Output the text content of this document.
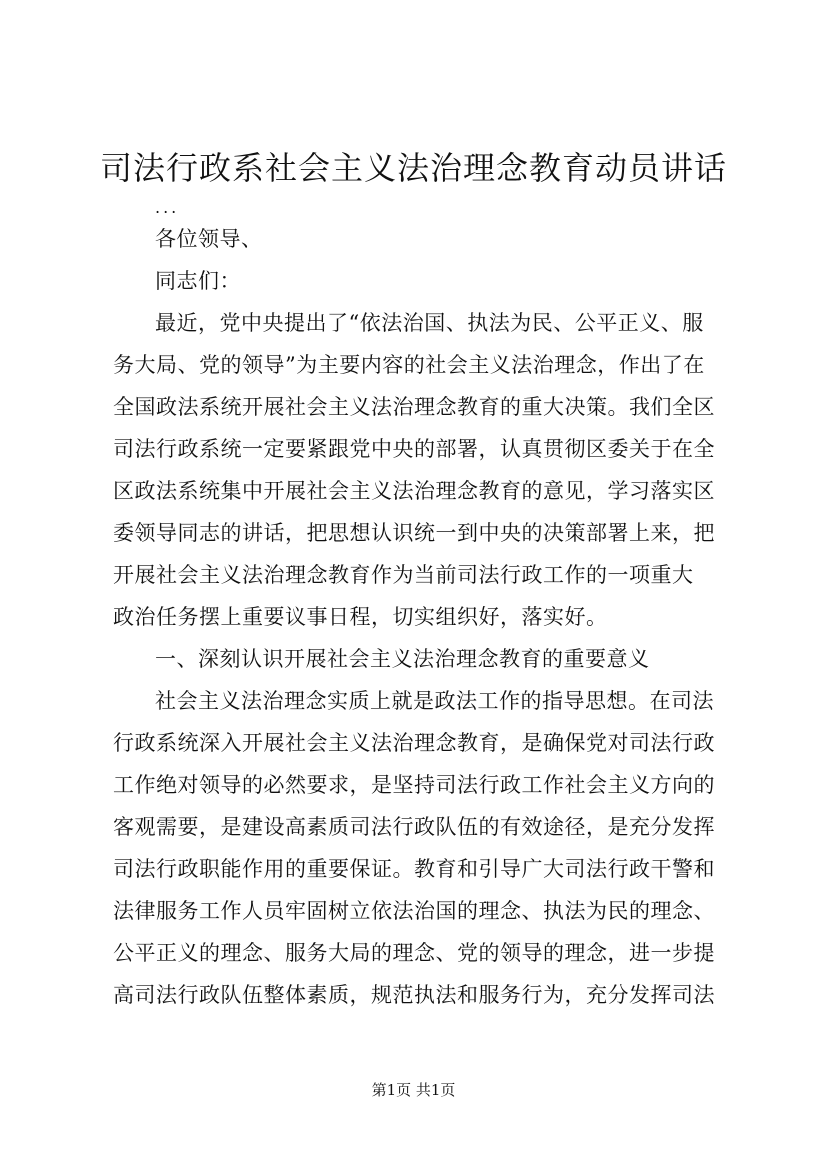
司法行政系社会主义法治理念教育动员讲话
...
各位领导、
同志们：
最近，党中央提出了“依法治国、执法为民、公平正义、服
务大局、党的领导”为主要内容的社会主义法治理念，作出了在
全国政法系统开展社会主义法治理念教育的重大决策。我们全区
司法行政系统一定要紧跟党中央的部署，认真贯彻区委关于在全
区政法系统集中开展社会主义法治理念教育的意见，学习落实区
委领导同志的讲话，把思想认识统一到中央的决策部署上来，把
开展社会主义法治理念教育作为当前司法行政工作的一项重大
政治任务摆上重要议事日程，切实组织好，落实好。
一、深刻认识开展社会主义法治理念教育的重要意义
社会主义法治理念实质上就是政法工作的指导思想。在司法
行政系统深入开展社会主义法治理念教育，是确保党对司法行政
工作绝对领导的必然要求，是坚持司法行政工作社会主义方向的
客观需要，是建设高素质司法行政队伍的有效途径，是充分发挥
司法行政职能作用的重要保证。教育和引导广大司法行政干警和
法律服务工作人员牢固树立依法治国的理念、执法为民的理念、
公平正义的理念、服务大局的理念、党的领导的理念，进一步提
高司法行政队伍整体素质，规范执法和服务行为，充分发挥司法
第1页 共1页
